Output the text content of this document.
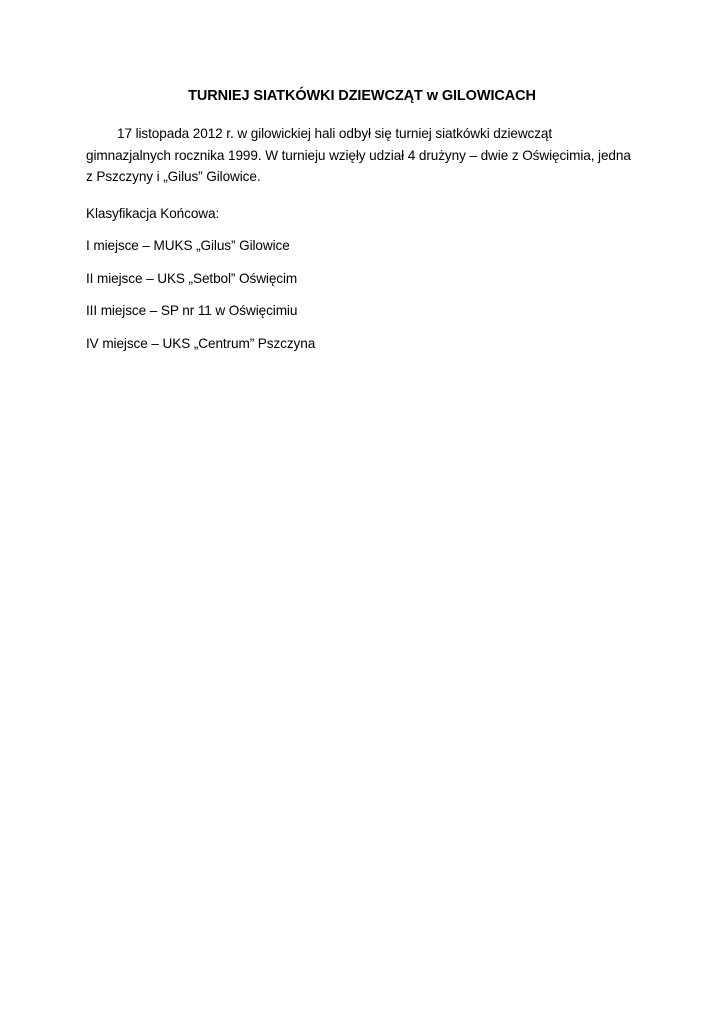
TURNIEJ SIATKÓWKI DZIEWCZĄT w GILOWICACH

17 listopada 2012 r. w gilowickiej hali odbył się turniej siatkówki dziewcząt gimnazjalnych rocznika 1999. W turnieju wzięły udział 4 drużyny – dwie z Oświęcimia, jedna z Pszczyny i „Gilus” Gilowice.

Klasyfikacja Końcowa:

I miejsce – MUKS „Gilus” Gilowice
II miejsce – UKS „Setbol” Oświęcim
III miejsce – SP nr 11 w Oświęcimiu
IV miejsce – UKS „Centrum” Pszczyna
